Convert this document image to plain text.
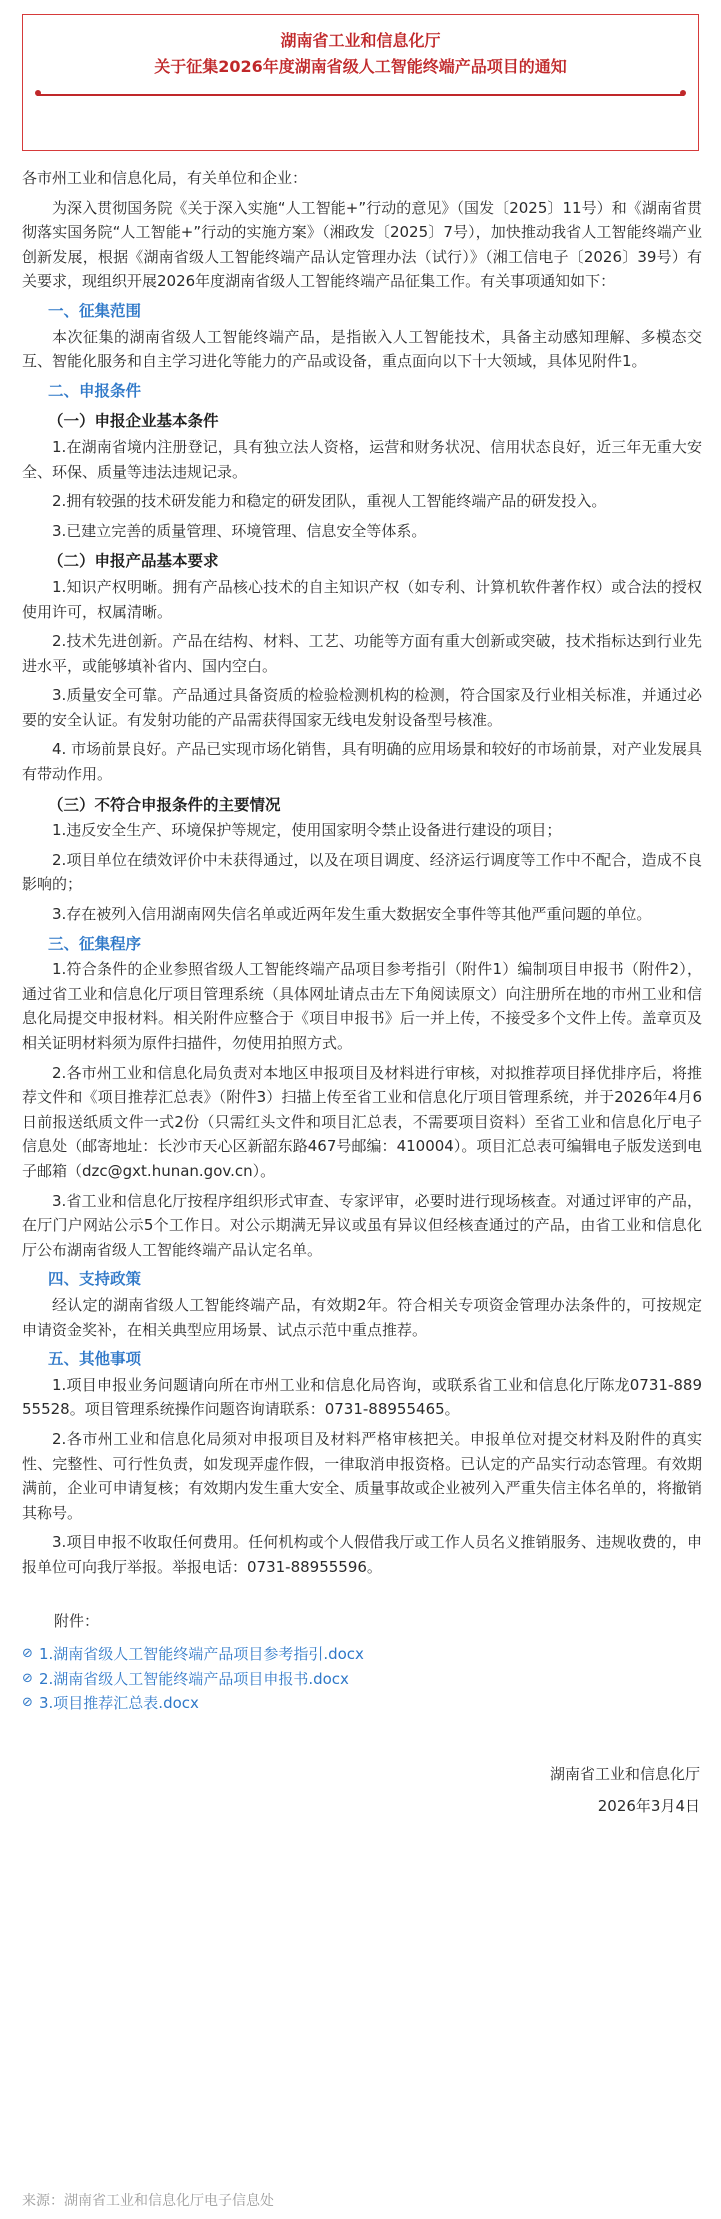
湖南省工业和信息化厅
关于征集2026年度湖南省级人工智能终端产品项目的通知

各市州工业和信息化局，有关单位和企业：

为深入贯彻国务院《关于深入实施“人工智能+”行动的意见》（国发〔2025〕11号）和《湖南省贯彻落实国务院“人工智能+”行动的实施方案》（湘政发〔2025〕7号），加快推动我省人工智能终端产业创新发展，根据《湖南省级人工智能终端产品认定管理办法（试行）》（湘工信电子〔2026〕39号）有关要求，现组织开展2026年度湖南省级人工智能终端产品征集工作。有关事项通知如下：

一、征集范围

本次征集的湖南省级人工智能终端产品，是指嵌入人工智能技术，具备主动感知理解、多模态交互、智能化服务和自主学习进化等能力的产品或设备，重点面向以下十大领域，具体见附件1。

二、申报条件
（一）申报企业基本条件

1.在湖南省境内注册登记，具有独立法人资格，运营和财务状况、信用状态良好，近三年无重大安全、环保、质量等违法违规记录。

2.拥有较强的技术研发能力和稳定的研发团队，重视人工智能终端产品的研发投入。

3.已建立完善的质量管理、环境管理、信息安全等体系。

（二）申报产品基本要求

1.知识产权明晰。拥有产品核心技术的自主知识产权（如专利、计算机软件著作权）或合法的授权使用许可，权属清晰。

2.技术先进创新。产品在结构、材料、工艺、功能等方面有重大创新或突破，技术指标达到行业先进水平，或能够填补省内、国内空白。

3.质量安全可靠。产品通过具备资质的检验检测机构的检测，符合国家及行业相关标准，并通过必要的安全认证。有发射功能的产品需获得国家无线电发射设备型号核准。

4. 市场前景良好。产品已实现市场化销售，具有明确的应用场景和较好的市场前景，对产业发展具有带动作用。

（三）不符合申报条件的主要情况

1.违反安全生产、环境保护等规定，使用国家明令禁止设备进行建设的项目；

2.项目单位在绩效评价中未获得通过，以及在项目调度、经济运行调度等工作中不配合，造成不良影响的；

3.存在被列入信用湖南网失信名单或近两年发生重大数据安全事件等其他严重问题的单位。

三、征集程序

1.符合条件的企业参照省级人工智能终端产品项目参考指引（附件1）编制项目申报书（附件2），通过省工业和信息化厅项目管理系统（具体网址请点击左下角阅读原文）向注册所在地的市州工业和信息化局提交申报材料。相关附件应整合于《项目申报书》后一并上传，不接受多个文件上传。盖章页及相关证明材料须为原件扫描件，勿使用拍照方式。

2.各市州工业和信息化局负责对本地区申报项目及材料进行审核，对拟推荐项目择优排序后，将推荐文件和《项目推荐汇总表》（附件3）扫描上传至省工业和信息化厅项目管理系统，并于2026年4月6日前报送纸质文件一式2份（只需红头文件和项目汇总表，不需要项目资料）至省工业和信息化厅电子信息处（邮寄地址：长沙市天心区新韶东路467号邮编：410004）。项目汇总表可编辑电子版发送到电子邮箱（dzc@gxt.hunan.gov.cn）。

3.省工业和信息化厅按程序组织形式审查、专家评审，必要时进行现场核查。对通过评审的产品，在厅门户网站公示5个工作日。对公示期满无异议或虽有异议但经核查通过的产品，由省工业和信息化厅公布湖南省级人工智能终端产品认定名单。

四、支持政策

经认定的湖南省级人工智能终端产品，有效期2年。符合相关专项资金管理办法条件的，可按规定申请资金奖补，在相关典型应用场景、试点示范中重点推荐。

五、其他事项

1.项目申报业务问题请向所在市州工业和信息化局咨询，或联系省工业和信息化厅陈龙0731-88955528。项目管理系统操作问题咨询请联系：0731-88955465。

2.各市州工业和信息化局须对申报项目及材料严格审核把关。申报单位对提交材料及附件的真实性、完整性、可行性负责，如发现弄虚作假，一律取消申报资格。已认定的产品实行动态管理。有效期满前，企业可申请复核；有效期内发生重大安全、质量事故或企业被列入严重失信主体名单的，将撤销其称号。

3.项目申报不收取任何费用。任何机构或个人假借我厅或工作人员名义推销服务、违规收费的，申报单位可向我厅举报。举报电话：0731-88955596。

附件：
⊘ 1.湖南省级人工智能终端产品项目参考指引.docx
⊘ 2.湖南省级人工智能终端产品项目申报书.docx
⊘ 3.项目推荐汇总表.docx

湖南省工业和信息化厅

2026年3月4日

来源：湖南省工业和信息化厅电子信息处
